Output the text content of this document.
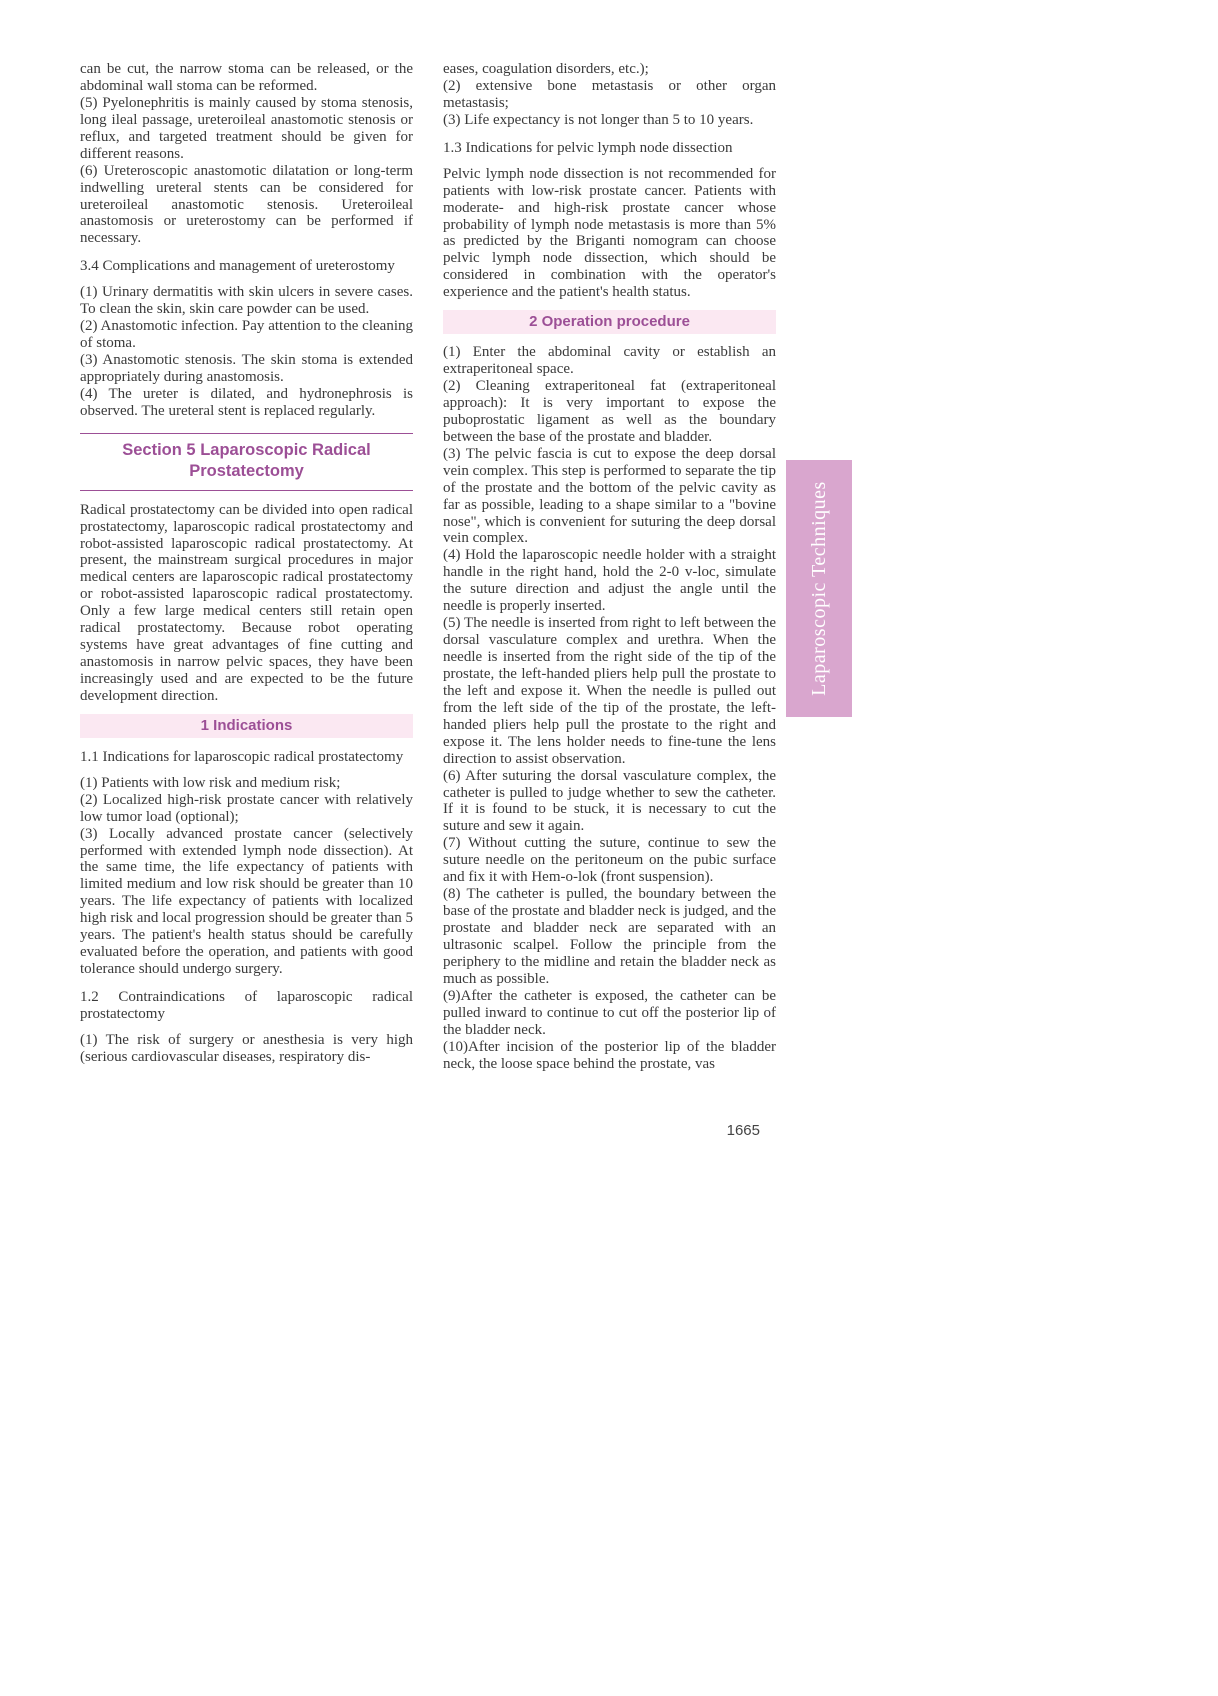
can be cut, the narrow stoma can be released, or the abdominal wall stoma can be reformed.
(5) Pyelonephritis is mainly caused by stoma stenosis, long ileal passage, ureteroileal anastomotic stenosis or reflux, and targeted treatment should be given for different reasons.
(6) Ureteroscopic anastomotic dilatation or long-term indwelling ureteral stents can be considered for ureteroileal anastomotic stenosis. Ureteroileal anastomosis or ureterostomy can be performed if necessary.
3.4 Complications and management of ureterostomy
(1) Urinary dermatitis with skin ulcers in severe cases. To clean the skin, skin care powder can be used.
(2) Anastomotic infection. Pay attention to the cleaning of stoma.
(3) Anastomotic stenosis. The skin stoma is extended appropriately during anastomosis.
(4) The ureter is dilated, and hydronephrosis is observed. The ureteral stent is replaced regularly.
Section 5 Laparoscopic Radical Prostatectomy
Radical prostatectomy can be divided into open radical prostatectomy, laparoscopic radical prostatectomy and robot-assisted laparoscopic radical prostatectomy. At present, the mainstream surgical procedures in major medical centers are laparoscopic radical prostatectomy or robot-assisted laparoscopic radical prostatectomy. Only a few large medical centers still retain open radical prostatectomy. Because robot operating systems have great advantages of fine cutting and anastomosis in narrow pelvic spaces, they have been increasingly used and are expected to be the future development direction.
1 Indications
1.1 Indications for laparoscopic radical prostatectomy
(1) Patients with low risk and medium risk;
(2) Localized high-risk prostate cancer with relatively low tumor load (optional);
(3) Locally advanced prostate cancer (selectively performed with extended lymph node dissection). At the same time, the life expectancy of patients with limited medium and low risk should be greater than 10 years. The life expectancy of patients with localized high risk and local progression should be greater than 5 years. The patient's health status should be carefully evaluated before the operation, and patients with good tolerance should undergo surgery.
1.2 Contraindications of laparoscopic radical prostatectomy
(1) The risk of surgery or anesthesia is very high (serious cardiovascular diseases, respiratory dis-
eases, coagulation disorders, etc.);
(2) extensive bone metastasis or other organ metastasis;
(3) Life expectancy is not longer than 5 to 10 years.
1.3 Indications for pelvic lymph node dissection
Pelvic lymph node dissection is not recommended for patients with low-risk prostate cancer. Patients with moderate- and high-risk prostate cancer whose probability of lymph node metastasis is more than 5% as predicted by the Briganti nomogram can choose pelvic lymph node dissection, which should be considered in combination with the operator's experience and the patient's health status.
2 Operation procedure
(1) Enter the abdominal cavity or establish an extraperitoneal space.
(2) Cleaning extraperitoneal fat (extraperitoneal approach): It is very important to expose the puboprostatic ligament as well as the boundary between the base of the prostate and bladder.
(3) The pelvic fascia is cut to expose the deep dorsal vein complex. This step is performed to separate the tip of the prostate and the bottom of the pelvic cavity as far as possible, leading to a shape similar to a "bovine nose", which is convenient for suturing the deep dorsal vein complex.
(4) Hold the laparoscopic needle holder with a straight handle in the right hand, hold the 2-0 v-loc, simulate the suture direction and adjust the angle until the needle is properly inserted.
(5) The needle is inserted from right to left between the dorsal vasculature complex and urethra. When the needle is inserted from the right side of the tip of the prostate, the left-handed pliers help pull the prostate to the left and expose it. When the needle is pulled out from the left side of the tip of the prostate, the left-handed pliers help pull the prostate to the right and expose it. The lens holder needs to fine-tune the lens direction to assist observation.
(6) After suturing the dorsal vasculature complex, the catheter is pulled to judge whether to sew the catheter. If it is found to be stuck, it is necessary to cut the suture and sew it again.
(7) Without cutting the suture, continue to sew the suture needle on the peritoneum on the pubic surface and fix it with Hem-o-lok (front suspension).
(8) The catheter is pulled, the boundary between the base of the prostate and bladder neck is judged, and the prostate and bladder neck are separated with an ultrasonic scalpel. Follow the principle from the periphery to the midline and retain the bladder neck as much as possible.
(9)After the catheter is exposed, the catheter can be pulled inward to continue to cut off the posterior lip of the bladder neck.
(10)After incision of the posterior lip of the bladder neck, the loose space behind the prostate, vas
Laparoscopic Techniques
1665
